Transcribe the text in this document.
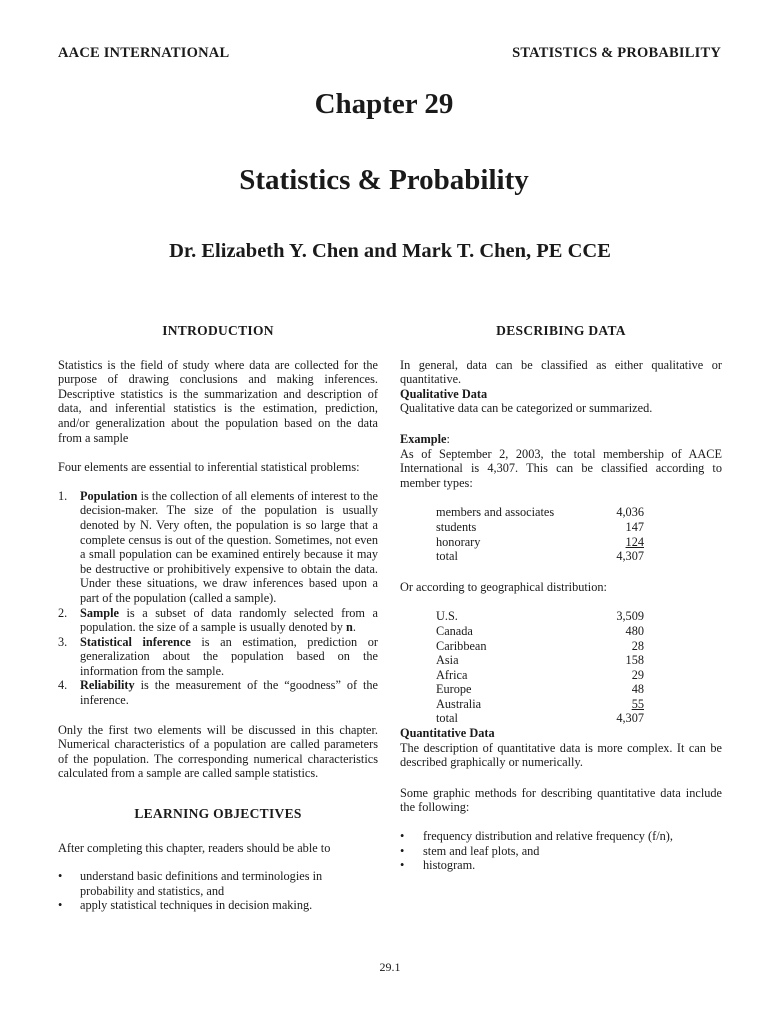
AACE INTERNATIONAL	STATISTICS & PROBABILITY
Chapter 29
Statistics & Probability
Dr. Elizabeth Y. Chen and Mark T. Chen, PE CCE
INTRODUCTION

Statistics is the field of study where data are collected for the purpose of drawing conclusions and making inferences. Descriptive statistics is the summarization and description of data, and inferential statistics is the estimation, prediction, and/or generalization about the population based on the data from a sample

Four elements are essential to inferential statistical problems:

1. Population is the collection of all elements of interest to the decision-maker. The size of the population is usually denoted by N. Very often, the population is so large that a complete census is out of the question. Sometimes, not even a small population can be examined entirely because it may be destructive or prohibitively expensive to obtain the data. Under these situations, we draw inferences based upon a part of the population (called a sample).
2. Sample is a subset of data randomly selected from a population. the size of a sample is usually denoted by n.
3. Statistical inference is an estimation, prediction or generalization about the population based on the information from the sample.
4. Reliability is the measurement of the “goodness” of the inference.

Only the first two elements will be discussed in this chapter. Numerical characteristics of a population are called parameters of the population. The corresponding numerical characteristics calculated from a sample are called sample statistics.

LEARNING OBJECTIVES

After completing this chapter, readers should be able to

• understand basic definitions and terminologies in probability and statistics, and
• apply statistical techniques in decision making.
DESCRIBING DATA

In general, data can be classified as either qualitative or quantitative.

Qualitative Data

Qualitative data can be categorized or summarized.

Example:

As of September 2, 2003, the total membership of AACE International is 4,307. This can be classified according to member types:

members and associates	4,036
students	147
honorary	124
total	4,307

Or according to geographical distribution:

U.S.	3,509
Canada	480
Caribbean	28
Asia	158
Africa	29
Europe	48
Australia	55
total	4,307

Quantitative Data

The description of quantitative data is more complex. It can be described graphically or numerically.

Some graphic methods for describing quantitative data include the following:

• frequency distribution and relative frequency (f/n),
• stem and leaf plots, and
• histogram.
29.1
